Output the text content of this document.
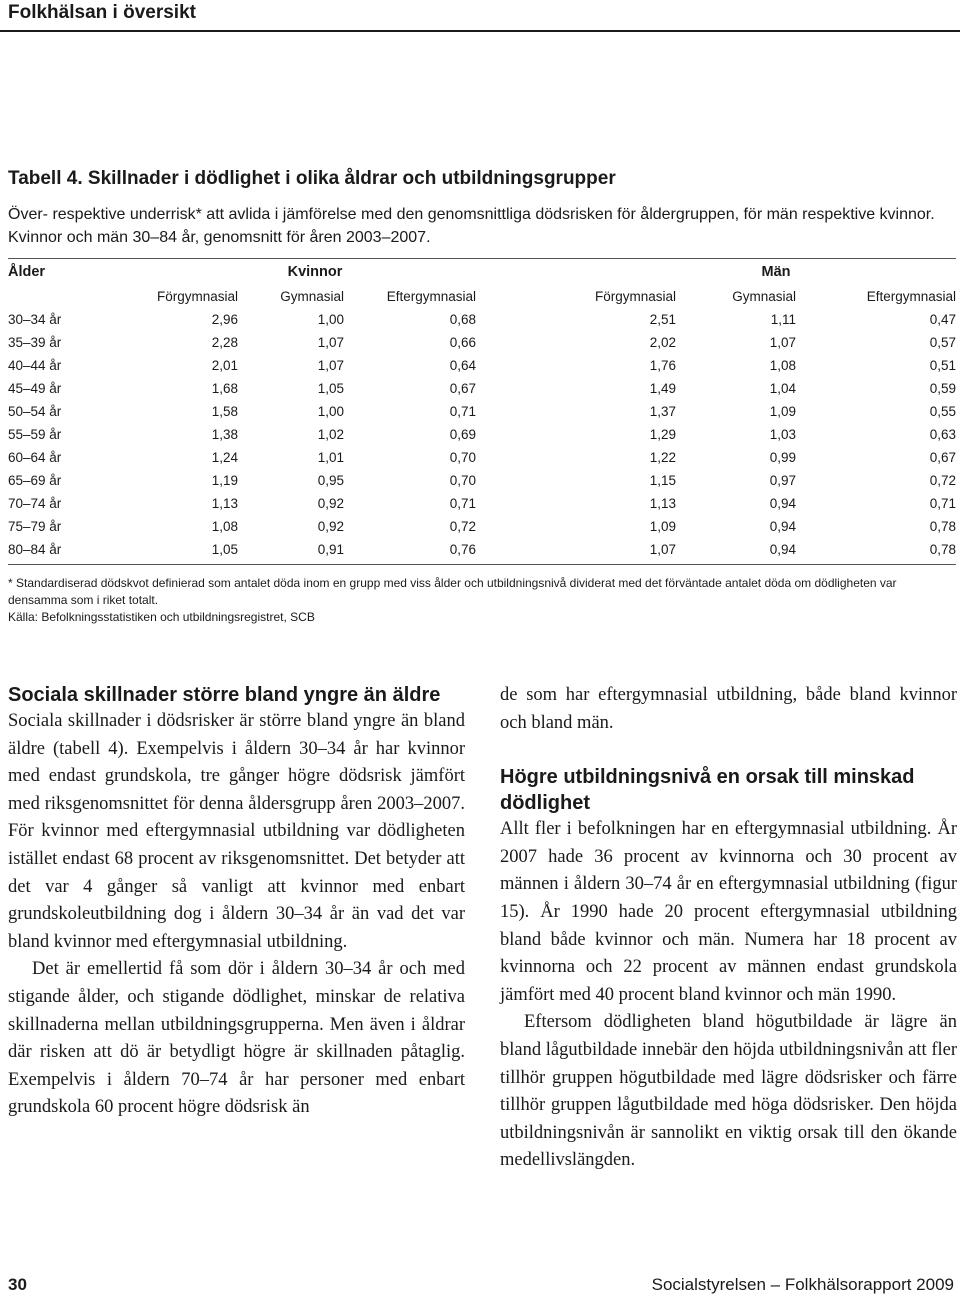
Folkhälsan i översikt
Tabell 4. Skillnader i dödlighet i olika åldrar och utbildningsgrupper
Över- respektive underrisk* att avlida i jämförelse med den genomsnittliga dödsrisken för åldergruppen, för män respektive kvinnor. Kvinnor och män 30–84 år, genomsnitt för åren 2003–2007.
Ålder	Kvinnor			Män		
	Förgymnasial	Gymnasial	Eftergymnasial	Förgymnasial	Gymnasial	Eftergymnasial
30–34 år	2,96	1,00	0,68	2,51	1,11	0,47
35–39 år	2,28	1,07	0,66	2,02	1,07	0,57
40–44 år	2,01	1,07	0,64	1,76	1,08	0,51
45–49 år	1,68	1,05	0,67	1,49	1,04	0,59
50–54 år	1,58	1,00	0,71	1,37	1,09	0,55
55–59 år	1,38	1,02	0,69	1,29	1,03	0,63
60–64 år	1,24	1,01	0,70	1,22	0,99	0,67
65–69 år	1,19	0,95	0,70	1,15	0,97	0,72
70–74 år	1,13	0,92	0,71	1,13	0,94	0,71
75–79 år	1,08	0,92	0,72	1,09	0,94	0,78
80–84 år	1,05	0,91	0,76	1,07	0,94	0,78
* Standardiserad dödskvot definierad som antalet döda inom en grupp med viss ålder och utbildningsnivå dividerat med det förväntade antalet döda om dödligheten var densamma som i riket totalt.
Källa: Befolkningsstatistiken och utbildningsregistret, SCB
Sociala skillnader större bland yngre än äldre

Sociala skillnader i dödsrisker är större bland yngre än bland äldre (tabell 4). Exempelvis i åldern 30–34 år har kvinnor med endast grundskola, tre gånger högre dödsrisk jämfört med riksgenomsnittet för denna åldersgrupp åren 2003–2007. För kvinnor med eftergymnasial utbildning var dödligheten istället endast 68 procent av riksgenomsnittet. Det betyder att det var 4 gånger så vanligt att kvinnor med enbart grundskoleutbildning dog i åldern 30–34 år än vad det var bland kvinnor med eftergymnasial utbildning.

Det är emellertid få som dör i åldern 30–34 år och med stigande ålder, och stigande dödlighet, minskar de relativa skillnaderna mellan utbildningsgrupperna. Men även i åldrar där risken att dö är betydligt högre är skillnaden påtaglig. Exempelvis i åldern 70–74 år har personer med enbart grundskola 60 procent högre dödsrisk än

de som har eftergymnasial utbildning, både bland kvinnor och bland män.

Högre utbildningsnivå en orsak till minskad dödlighet

Allt fler i befolkningen har en eftergymnasial utbildning. År 2007 hade 36 procent av kvinnorna och 30 procent av männen i åldern 30–74 år en eftergymnasial utbildning (figur 15). År 1990 hade 20 procent eftergymnasial utbildning bland både kvinnor och män. Numera har 18 procent av kvinnorna och 22 procent av männen endast grundskola jämfört med 40 procent bland kvinnor och män 1990.

Eftersom dödligheten bland högutbildade är lägre än bland lågutbildade innebär den höjda utbildningsnivån att fler tillhör gruppen högutbildade med lägre dödsrisker och färre tillhör gruppen lågutbildade med höga dödsrisker. Den höjda utbildningsnivån är sannolikt en viktig orsak till den ökande medellivslängden.

30	Socialstyrelsen – Folkhälsorapport 2009
